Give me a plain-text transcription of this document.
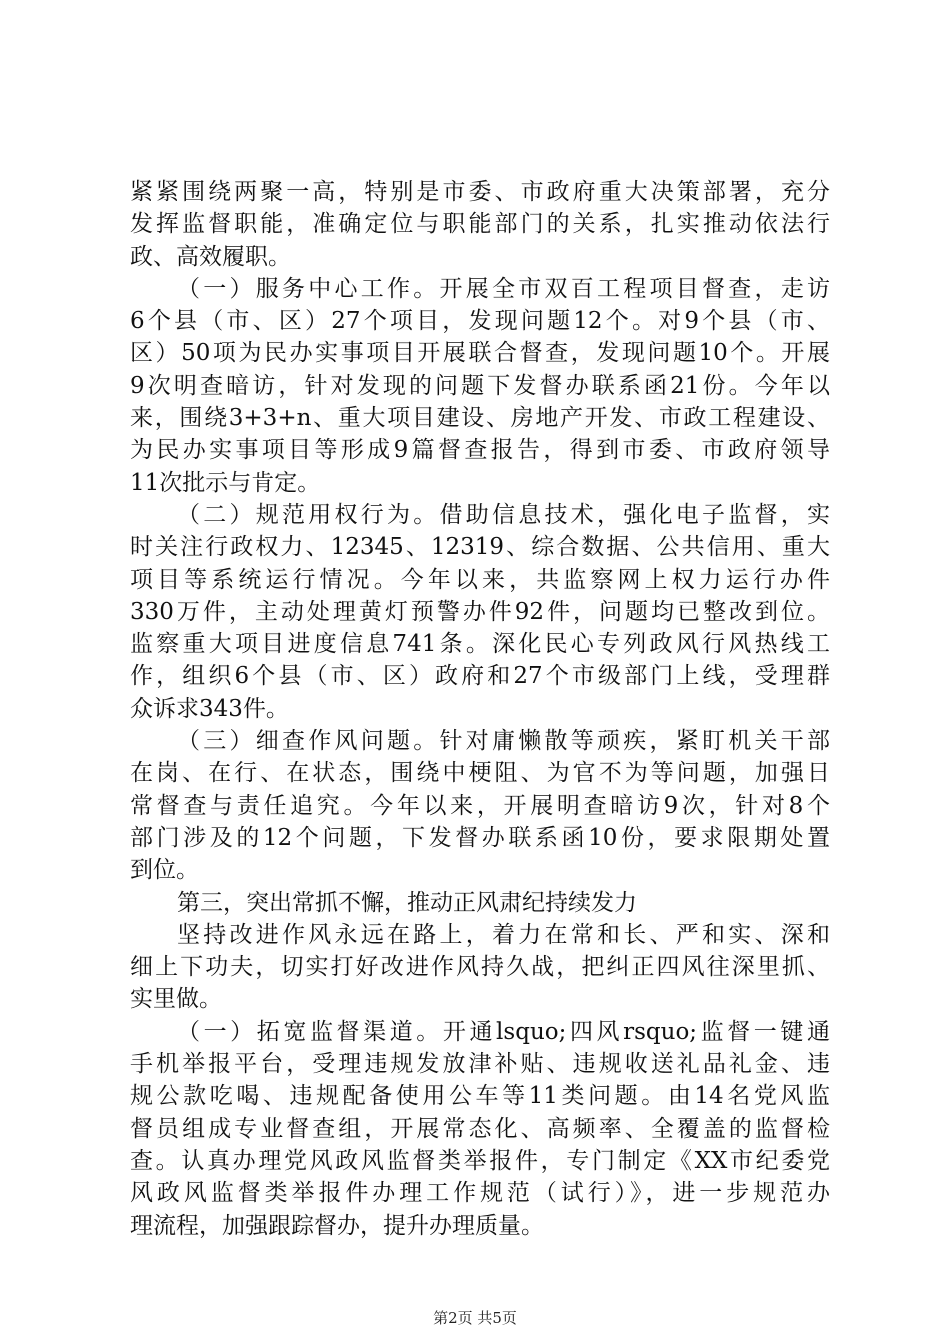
紧紧围绕两聚一高，特别是市委、市政府重大决策部署，充分
发挥监督职能，准确定位与职能部门的关系，扎实推动依法行
政、高效履职。
（一）服务中心工作。开展全市双百工程项目督查，走访
6个县（市、区）27个项目，发现问题12个。对9个县（市、
区）50项为民办实事项目开展联合督查，发现问题10个。开展
9次明查暗访，针对发现的问题下发督办联系函21份。今年以
来，围绕3+3+n、重大项目建设、房地产开发、市政工程建设、
为民办实事项目等形成9篇督查报告，得到市委、市政府领导
11次批示与肯定。
（二）规范用权行为。借助信息技术，强化电子监督，实
时关注行政权力、12345、12319、综合数据、公共信用、重大
项目等系统运行情况。今年以来，共监察网上权力运行办件
330万件，主动处理黄灯预警办件92件，问题均已整改到位。
监察重大项目进度信息741条。深化民心专列政风行风热线工
作，组织6个县（市、区）政府和27个市级部门上线，受理群
众诉求343件。
（三）细查作风问题。针对庸懒散等顽疾，紧盯机关干部
在岗、在行、在状态，围绕中梗阻、为官不为等问题，加强日
常督查与责任追究。今年以来，开展明查暗访9次，针对8个
部门涉及的12个问题，下发督办联系函10份，要求限期处置
到位。
第三，突出常抓不懈，推动正风肃纪持续发力
坚持改进作风永远在路上，着力在常和长、严和实、深和
细上下功夫，切实打好改进作风持久战，把纠正四风往深里抓、
实里做。
（一）拓宽监督渠道。开通lsquo;四风rsquo;监督一键通
手机举报平台，受理违规发放津补贴、违规收送礼品礼金、违
规公款吃喝、违规配备使用公车等11类问题。由14名党风监
督员组成专业督查组，开展常态化、高频率、全覆盖的监督检
查。认真办理党风政风监督类举报件，专门制定《XX市纪委党
风政风监督类举报件办理工作规范（试行）》，进一步规范办
理流程，加强跟踪督办，提升办理质量。
第2页 共5页
